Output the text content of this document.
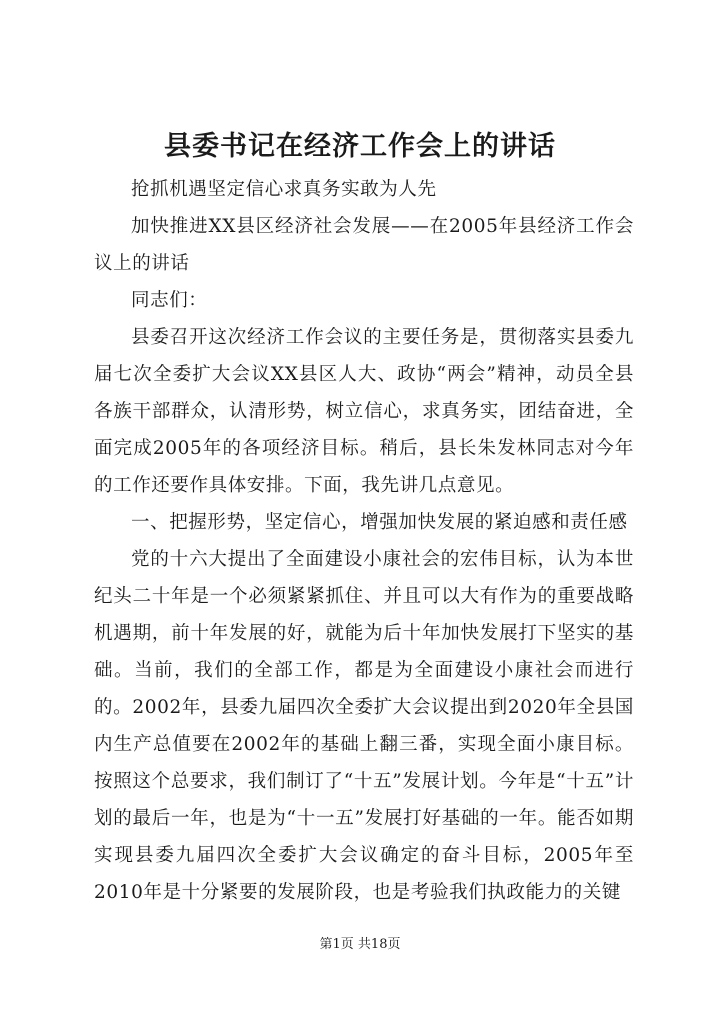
县委书记在经济工作会上的讲话

抢抓机遇坚定信心求真务实敢为人先

加快推进XX县区经济社会发展——在2005年县经济工作会议上的讲话

同志们：

县委召开这次经济工作会议的主要任务是，贯彻落实县委九届七次全委扩大会议XX县区人大、政协“两会”精神，动员全县各族干部群众，认清形势，树立信心，求真务实，团结奋进，全面完成2005年的各项经济目标。稍后，县长朱发林同志对今年的工作还要作具体安排。下面，我先讲几点意见。

一、把握形势，坚定信心，增强加快发展的紧迫感和责任感

党的十六大提出了全面建设小康社会的宏伟目标，认为本世纪头二十年是一个必须紧紧抓住、并且可以大有作为的重要战略机遇期，前十年发展的好，就能为后十年加快发展打下坚实的基础。当前，我们的全部工作，都是为全面建设小康社会而进行的。2002年，县委九届四次全委扩大会议提出到2020年全县国内生产总值要在2002年的基础上翻三番，实现全面小康目标。按照这个总要求，我们制订了“十五”发展计划。今年是“十五”计划的最后一年，也是为“十一五”发展打好基础的一年。能否如期实现县委九届四次全委扩大会议确定的奋斗目标，2005年至2010年是十分紧要的发展阶段，也是考验我们执政能力的关键

第1页 共18页
